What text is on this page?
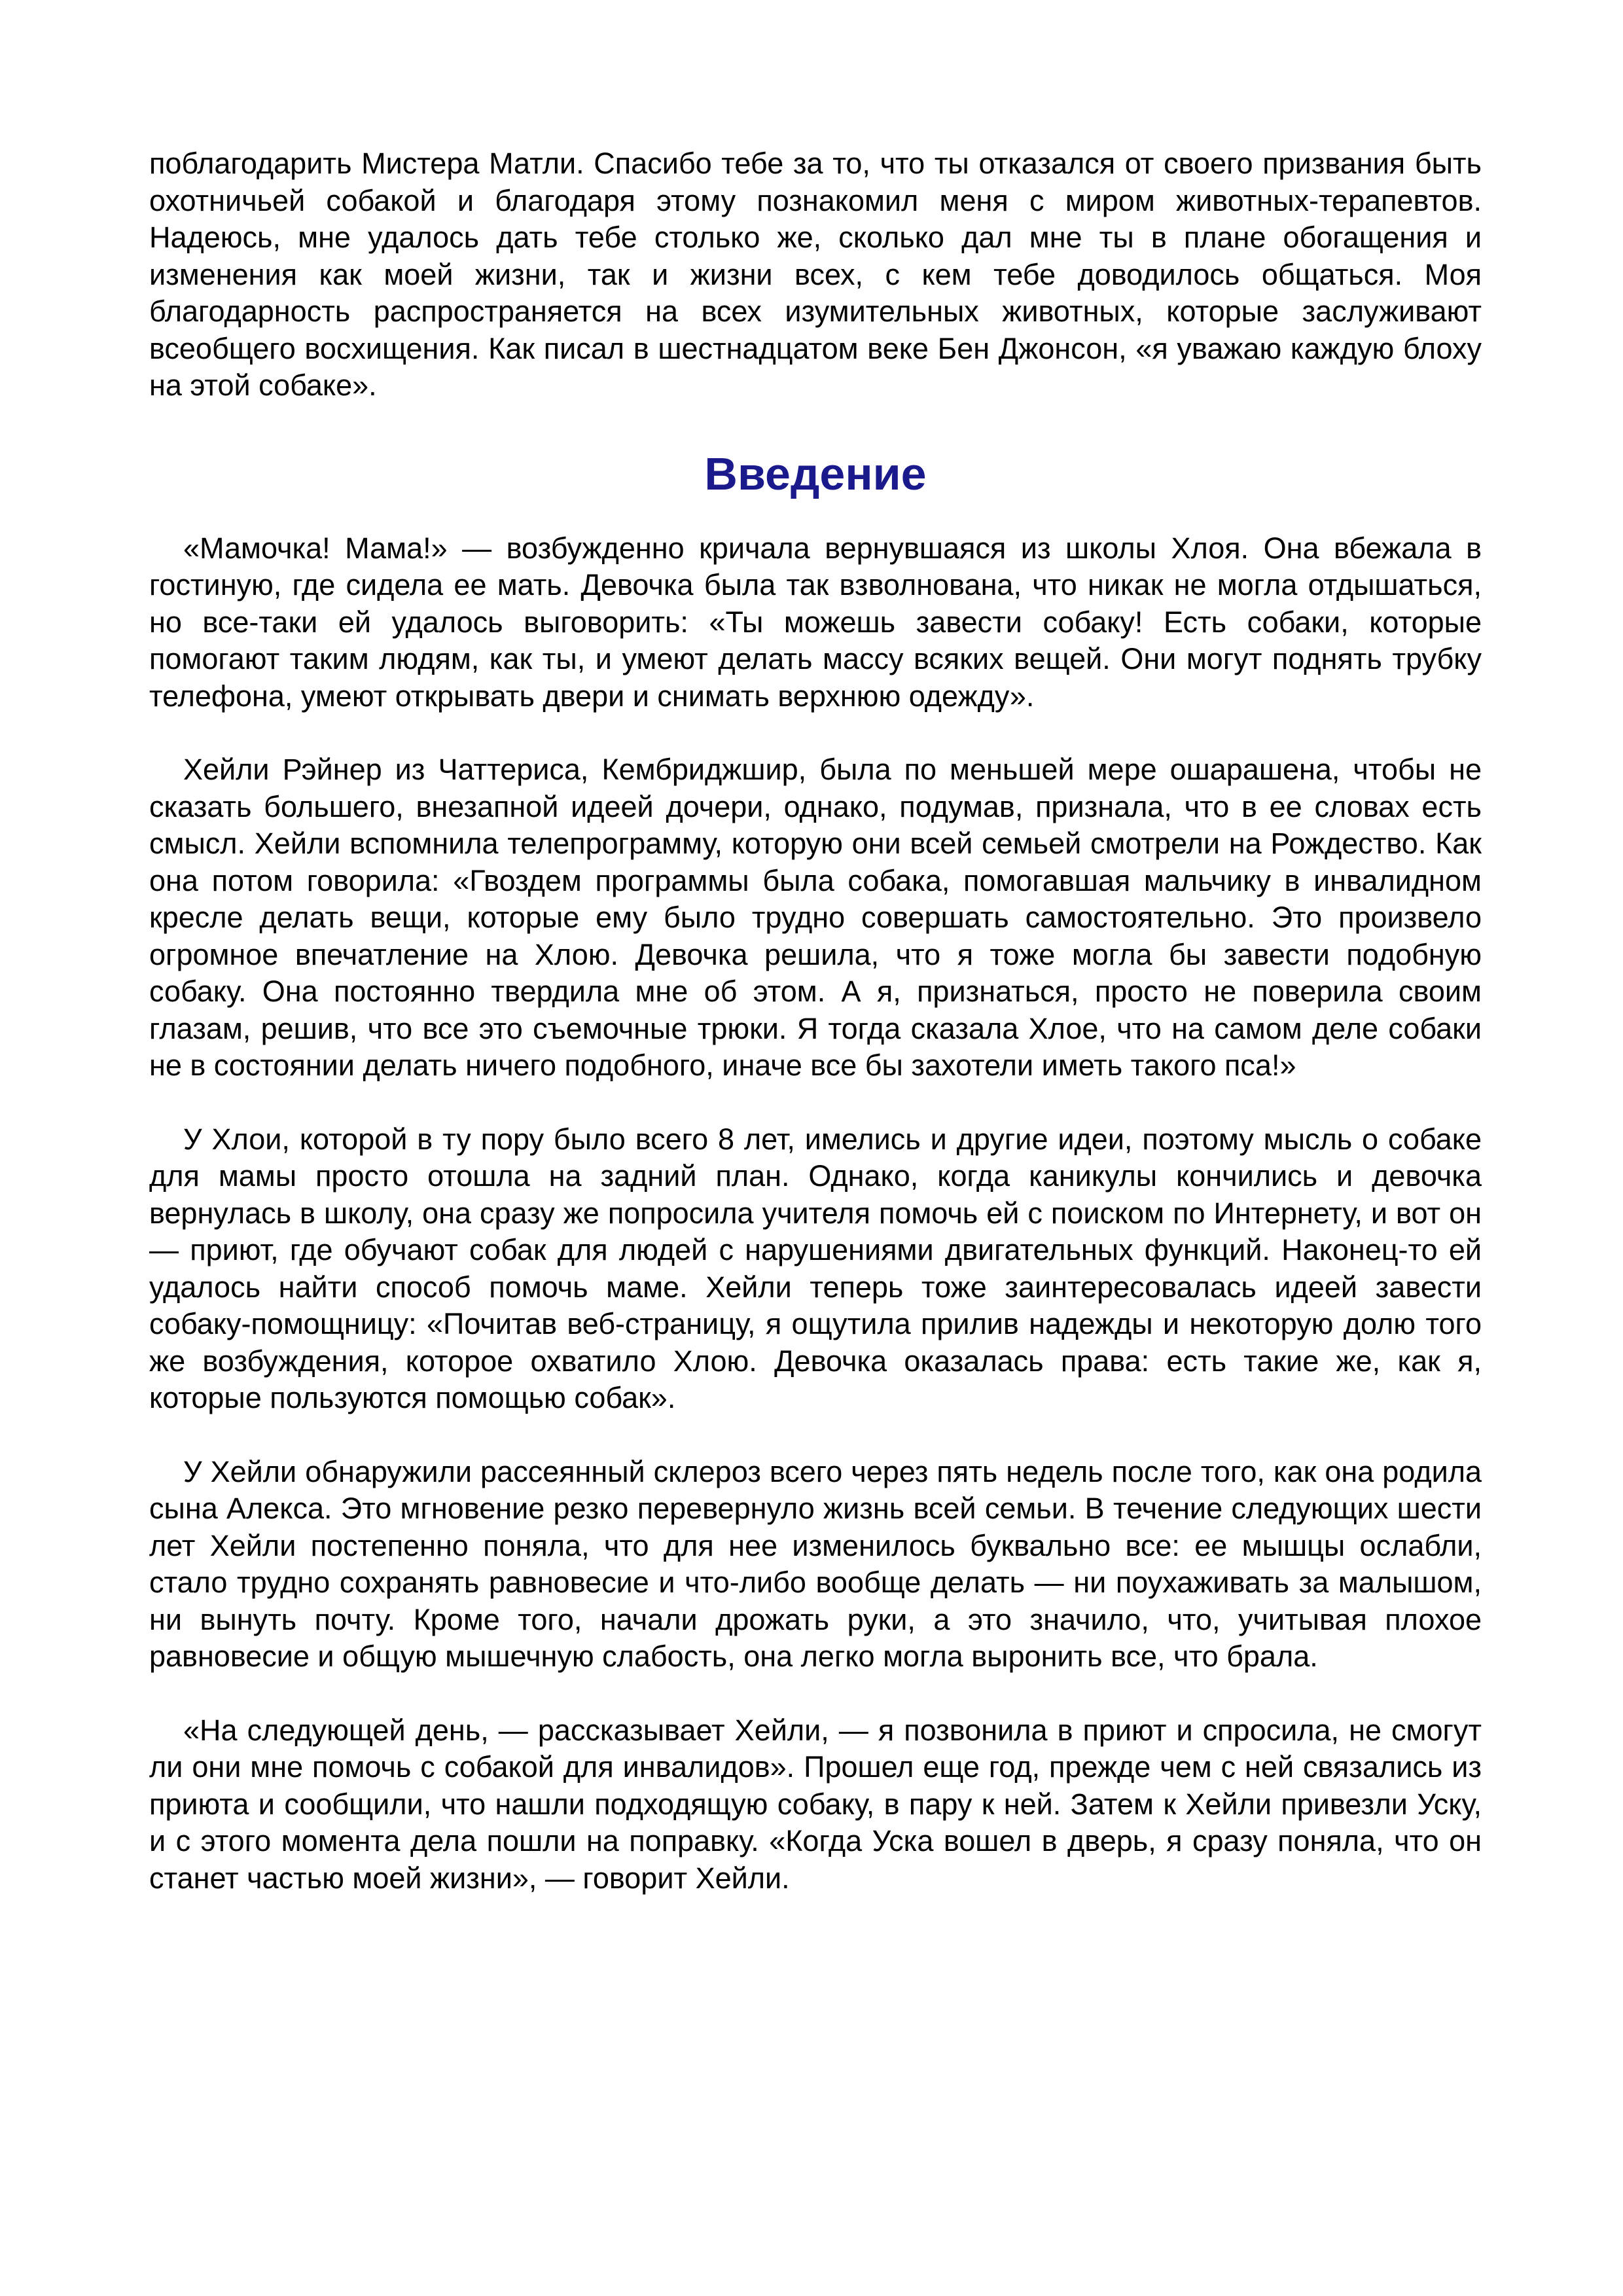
поблагодарить Мистера Матли. Спасибо тебе за то, что ты отказался от своего призвания быть охотничьей собакой и благодаря этому познакомил меня с миром животных-терапевтов. Надеюсь, мне удалось дать тебе столько же, сколько дал мне ты в плане обогащения и изменения как моей жизни, так и жизни всех, с кем тебе доводилось общаться. Моя благодарность распространяется на всех изумительных животных, которые заслуживают всеобщего восхищения. Как писал в шестнадцатом веке Бен Джонсон, «я уважаю каждую блоху на этой собаке».

Введение

«Мамочка! Мама!» — возбужденно кричала вернувшаяся из школы Хлоя. Она вбежала в гостиную, где сидела ее мать. Девочка была так взволнована, что никак не могла отдышаться, но все-таки ей удалось выговорить: «Ты можешь завести собаку! Есть собаки, которые помогают таким людям, как ты, и умеют делать массу всяких вещей. Они могут поднять трубку телефона, умеют открывать двери и снимать верхнюю одежду».

Хейли Рэйнер из Чаттериса, Кембриджшир, была по меньшей мере ошарашена, чтобы не сказать большего, внезапной идеей дочери, однако, подумав, признала, что в ее словах есть смысл. Хейли вспомнила телепрограмму, которую они всей семьей смотрели на Рождество. Как она потом говорила: «Гвоздем программы была собака, помогавшая мальчику в инвалидном кресле делать вещи, которые ему было трудно совершать самостоятельно. Это произвело огромное впечатление на Хлою. Девочка решила, что я тоже могла бы завести подобную собаку. Она постоянно твердила мне об этом. А я, признаться, просто не поверила своим глазам, решив, что все это съемочные трюки. Я тогда сказала Хлое, что на самом деле собаки не в состоянии делать ничего подобного, иначе все бы захотели иметь такого пса!»

У Хлои, которой в ту пору было всего 8 лет, имелись и другие идеи, поэтому мысль о собаке для мамы просто отошла на задний план. Однако, когда каникулы кончились и девочка вернулась в школу, она сразу же попросила учителя помочь ей с поиском по Интернету, и вот он — приют, где обучают собак для людей с нарушениями двигательных функций. Наконец-то ей удалось найти способ помочь маме. Хейли теперь тоже заинтересовалась идеей завести собаку-помощницу: «Почитав веб-страницу, я ощутила прилив надежды и некоторую долю того же возбуждения, которое охватило Хлою. Девочка оказалась права: есть такие же, как я, которые пользуются помощью собак».

У Хейли обнаружили рассеянный склероз всего через пять недель после того, как она родила сына Алекса. Это мгновение резко перевернуло жизнь всей семьи. В течение следующих шести лет Хейли постепенно поняла, что для нее изменилось буквально все: ее мышцы ослабли, стало трудно сохранять равновесие и что-либо вообще делать — ни поухаживать за малышом, ни вынуть почту. Кроме того, начали дрожать руки, а это значило, что, учитывая плохое равновесие и общую мышечную слабость, она легко могла выронить все, что брала.

«На следующей день, — рассказывает Хейли, — я позвонила в приют и спросила, не смогут ли они мне помочь с собакой для инвалидов». Прошел еще год, прежде чем с ней связались из приюта и сообщили, что нашли подходящую собаку, в пару к ней. Затем к Хейли привезли Уску, и с этого момента дела пошли на поправку. «Когда Уска вошел в дверь, я сразу поняла, что он станет частью моей жизни», — говорит Хейли.
